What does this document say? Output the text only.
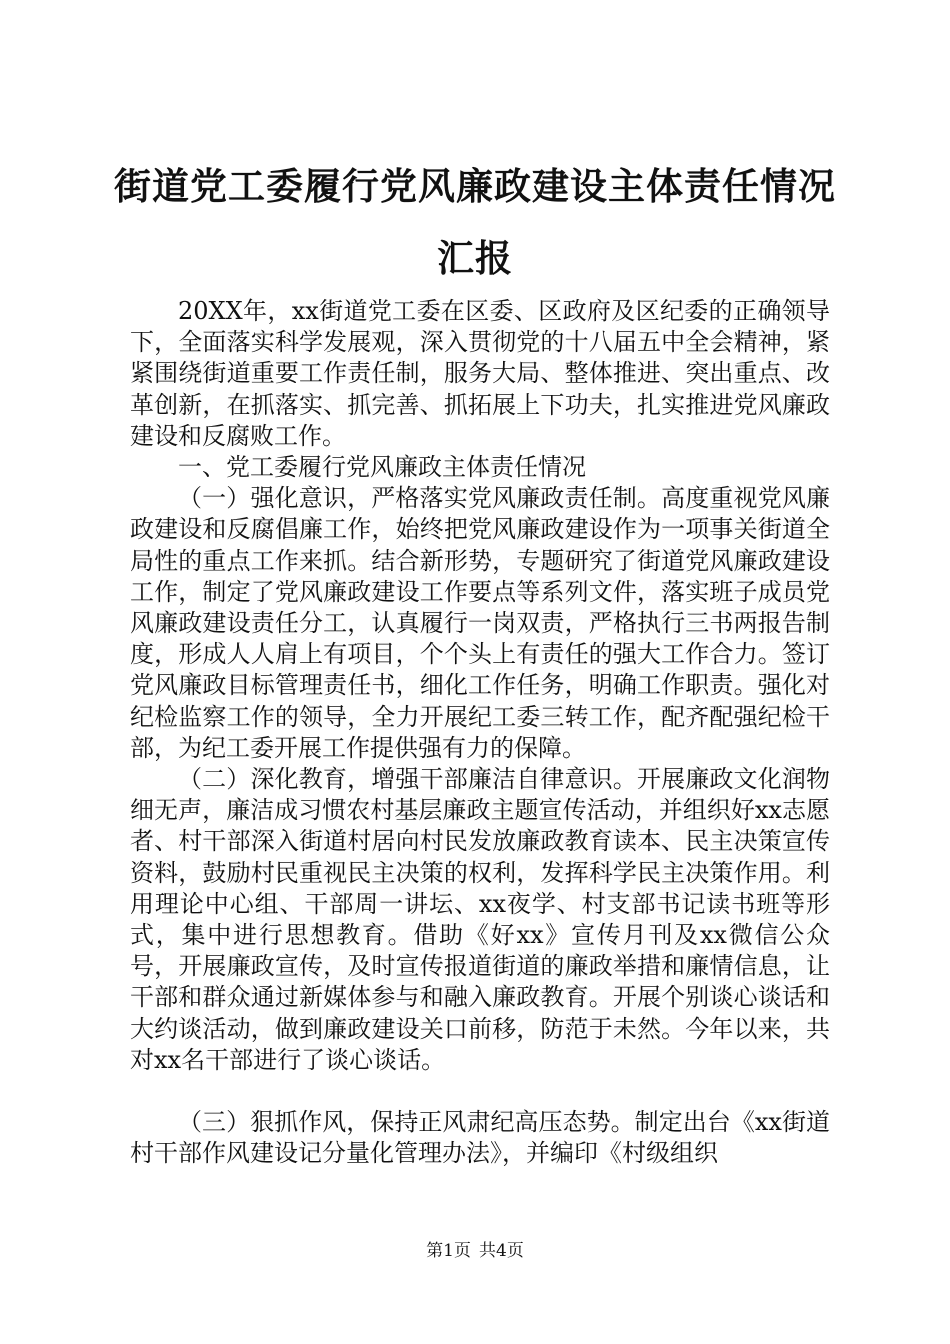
街道党工委履行党风廉政建设主体责任情况汇报

20XX年，xx街道党工委在区委、区政府及区纪委的正确领导下，全面落实科学发展观，深入贯彻党的十八届五中全会精神，紧紧围绕街道重要工作责任制，服务大局、整体推进、突出重点、改革创新，在抓落实、抓完善、抓拓展上下功夫，扎实推进党风廉政建设和反腐败工作。

一、党工委履行党风廉政主体责任情况

（一）强化意识，严格落实党风廉政责任制。高度重视党风廉政建设和反腐倡廉工作，始终把党风廉政建设作为一项事关街道全局性的重点工作来抓。结合新形势，专题研究了街道党风廉政建设工作，制定了党风廉政建设工作要点等系列文件，落实班子成员党风廉政建设责任分工，认真履行一岗双责，严格执行三书两报告制度，形成人人肩上有项目，个个头上有责任的强大工作合力。签订党风廉政目标管理责任书，细化工作任务，明确工作职责。强化对纪检监察工作的领导，全力开展纪工委三转工作，配齐配强纪检干部，为纪工委开展工作提供强有力的保障。

（二）深化教育，增强干部廉洁自律意识。开展廉政文化润物细无声，廉洁成习惯农村基层廉政主题宣传活动，并组织好xx志愿者、村干部深入街道村居向村民发放廉政教育读本、民主决策宣传资料，鼓励村民重视民主决策的权利，发挥科学民主决策作用。利用理论中心组、干部周一讲坛、xx夜学、村支部书记读书班等形式，集中进行思想教育。借助《好xx》宣传月刊及xx微信公众号，开展廉政宣传，及时宣传报道街道的廉政举措和廉情信息，让干部和群众通过新媒体参与和融入廉政教育。开展个别谈心谈话和大约谈活动，做到廉政建设关口前移，防范于未然。今年以来，共对xx名干部进行了谈心谈话。

（三）狠抓作风，保持正风肃纪高压态势。制定出台《xx街道村干部作风建设记分量化管理办法》，并编印《村级组织

第1页 共4页
